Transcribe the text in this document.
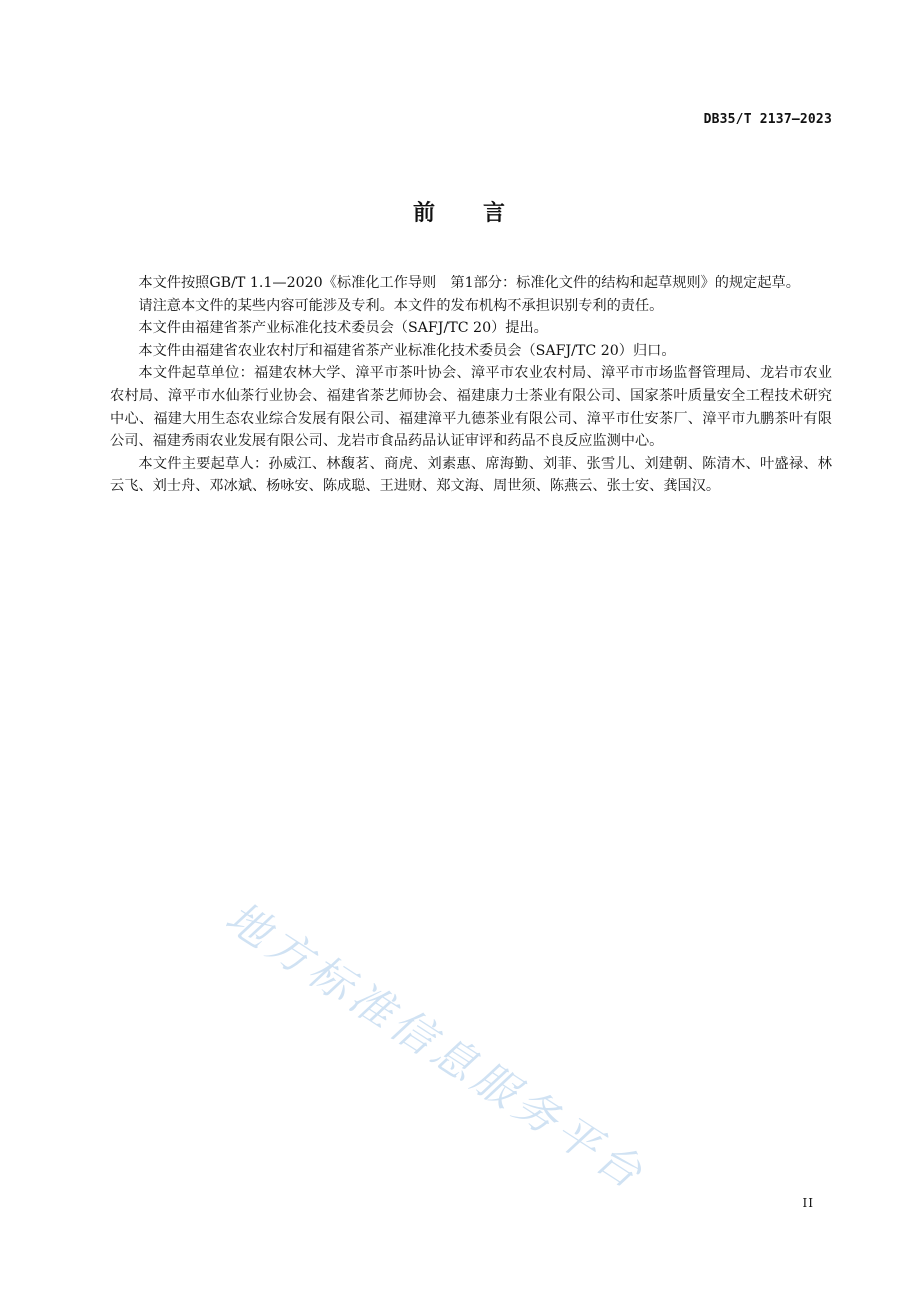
DB35/T 2137—2023
前 言

本文件按照GB/T 1.1—2020《标准化工作导则　第1部分：标准化文件的结构和起草规则》的规定起草。

请注意本文件的某些内容可能涉及专利。本文件的发布机构不承担识别专利的责任。

本文件由福建省茶产业标准化技术委员会（SAFJ/TC 20）提出。

本文件由福建省农业农村厅和福建省茶产业标准化技术委员会（SAFJ/TC 20）归口。

本文件起草单位：福建农林大学、漳平市茶叶协会、漳平市农业农村局、漳平市市场监督管理局、龙岩市农业农村局、漳平市水仙茶行业协会、福建省茶艺师协会、福建康力士茶业有限公司、国家茶叶质量安全工程技术研究中心、福建大用生态农业综合发展有限公司、福建漳平九德茶业有限公司、漳平市仕安茶厂、漳平市九鹏茶叶有限公司、福建秀雨农业发展有限公司、龙岩市食品药品认证审评和药品不良反应监测中心。

本文件主要起草人：孙威江、林馥茗、商虎、刘素惠、席海勤、刘菲、张雪儿、刘建朝、陈清木、叶盛禄、林云飞、刘士舟、邓冰斌、杨咏安、陈成聪、王进财、郑文海、周世须、陈燕云、张士安、龚国汉。

地方标准信息服务平台
II
